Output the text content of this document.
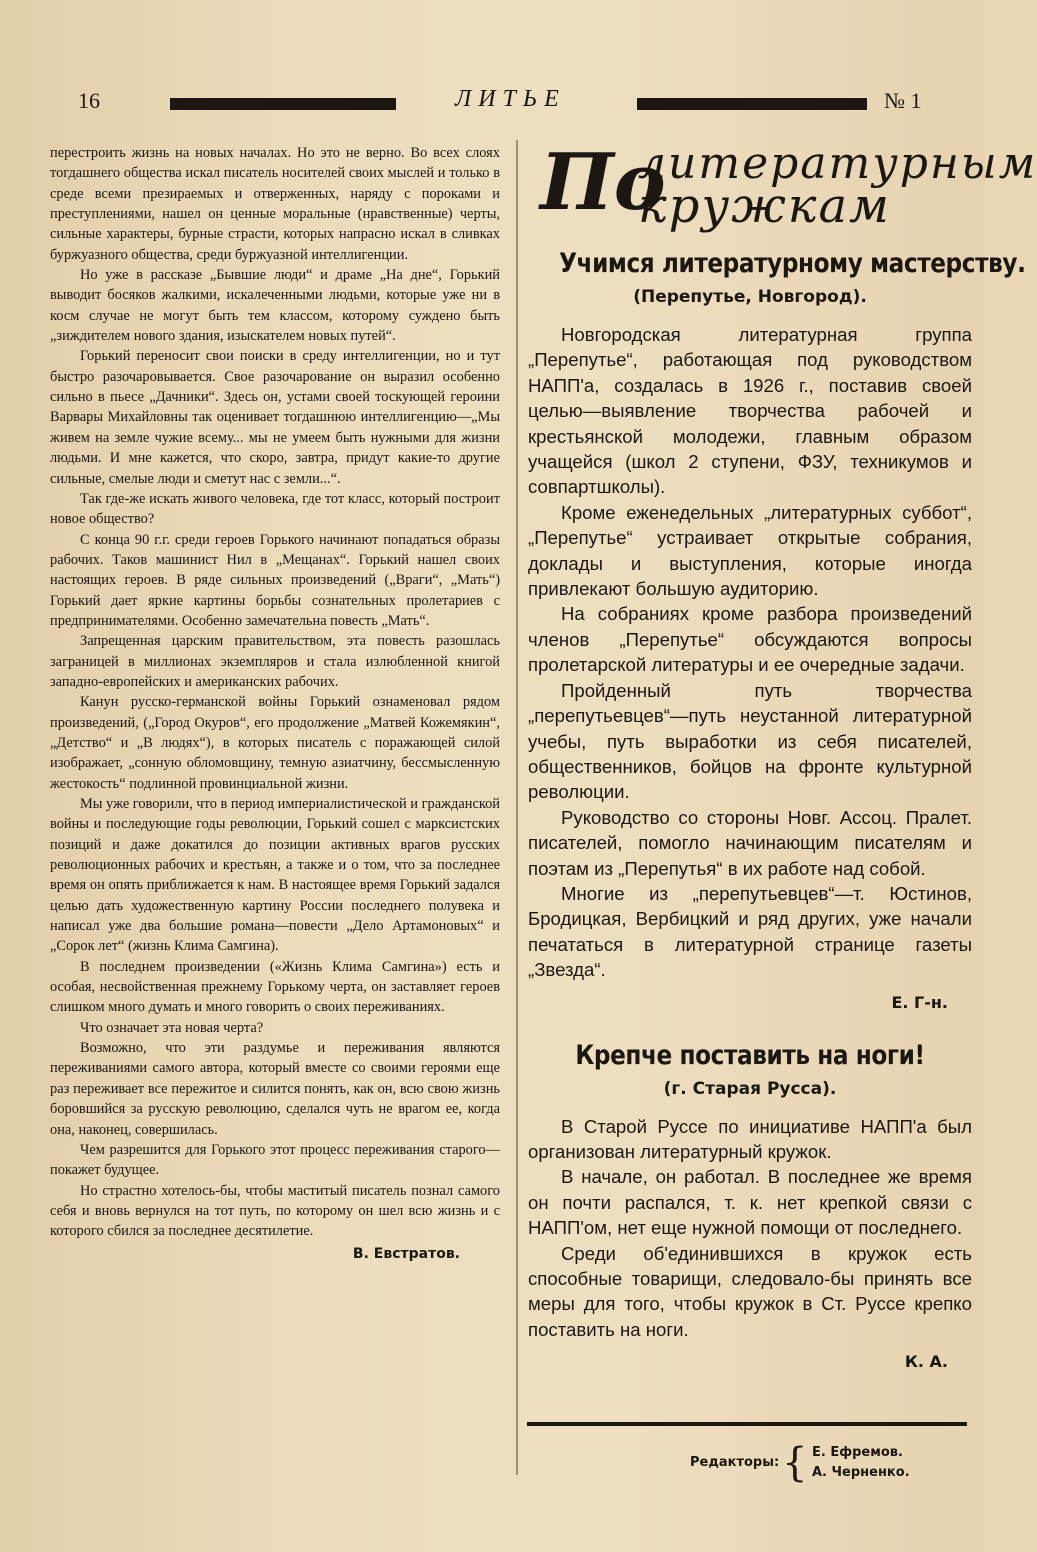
16	ЛИТЬЕ	№ 1

перестроить жизнь на новых началах. Но это не верно. Во всех слоях тогдашнего общества искал писатель носителей своих мыслей и только в среде всеми презираемых и отверженных, наряду с пороками и преступлениями, нашел он ценные моральные (нравственные) черты, сильные характеры, бурные страсти, которых напрасно искал в сливках буржуазного общества, среди буржуазной интеллигенции.

Но уже в рассказе „Бывшие люди“ и драме „На дне“, Горький выводит босяков жалкими, искалеченными людьми, которые уже ни в косм случае не могут быть тем классом, которому суждено быть „зиждителем нового здания, изыскателем новых путей“.

Горький переносит свои поиски в среду интеллигенции, но и тут быстро разочаровывается. Свое разочарование он выразил особенно сильно в пьесе „Дачники“. Здесь он, устами своей тоскующей героини Варвары Михайловны так оценивает тогдашнюю интеллигенцию—„Мы живем на земле чужие всему... мы не умеем быть нужными для жизни людьми. И мне кажется, что скоро, завтра, придут какие-то другие сильные, смелые люди и сметут нас с земли...“.

Так где-же искать живого человека, где тот класс, который построит новое общество?

С конца 90 г.г. среди героев Горького начинают попадаться образы рабочих. Таков машинист Нил в „Мещанах“. Горький нашел своих настоящих героев. В ряде сильных произведений („Враги“, „Мать“) Горький дает яркие картины борьбы сознательных пролетариев с предпринимателями. Особенно замечательна повесть „Мать“.

Запрещенная царским правительством, эта повесть разошлась заграницей в миллионах экземпляров и стала излюбленной книгой западно-европейских и американских рабочих.

Канун русско-германской войны Горький ознаменовал рядом произведений, („Город Окуров“, его продолжение „Матвей Кожемякин“, „Детство“ и „В людях“), в которых писатель с поражающей силой изображает, „сонную обломовщину, темную азиатчину, бессмысленную жестокость“ подлинной провинциальной жизни.

Мы уже говорили, что в период империалистической и гражданской войны и последующие годы революции, Горький сошел с марксистских позиций и даже докатился до позиции активных врагов русских революционных рабочих и крестьян, а также и о том, что за последнее время он опять приближается к нам. В настоящее время Горький задался целью дать художественную картину России последнего полувека и написал уже два большие романа—повести „Дело Артамоновых“ и „Сорок лет“ (жизнь Клима Самгина).

В последнем произведении («Жизнь Клима Самгина») есть и особая, несвойственная прежнему Горькому черта, он заставляет героев слишком много думать и много говорить о своих переживаниях.

Что означает эта новая черта?

Возможно, что эти раздумье и переживания являются переживаниями самого автора, который вместе со своими героями еще раз переживает все пережитое и силится понять, как он, всю свою жизнь боровшийся за русскую революцию, сделался чуть не врагом ее, когда она, наконец, совершилась.

Чем разрешится для Горького этот процесс переживания старого—покажет будущее.

Но страстно хотелось-бы, чтобы маститый писатель познал самого себя и вновь вернулся на тот путь, по которому он шел всю жизнь и с которого сбился за последнее десятилетие.

В. Евстратов.
По
литературным
кружкам
Учимся литературному мастерству.
(Перепутье, Новгород).

Новгородская литературная группа „Перепутье“, работающая под руководством НАПП'а, создалась в 1926 г., поставив своей целью—выявление творчества рабочей и крестьянской молодежи, главным образом учащейся (школ 2 ступени, ФЗУ, техникумов и совпартшколы).

Кроме еженедельных „литературных суббот“, „Перепутье“ устраивает открытые собрания, доклады и выступления, которые иногда привлекают большую аудиторию.

На собраниях кроме разбора произведений членов „Перепутье“ обсуждаются вопросы пролетарской литературы и ее очередные задачи.

Пройденный путь творчества „перепутьевцев“—путь неустанной литературной учебы, путь выработки из себя писателей, общественников, бойцов на фронте культурной революции.

Руководство со стороны Новг. Ассоц. Пралет. писателей, помогло начинающим писателям и поэтам из „Перепутья“ в их работе над собой.

Многие из „перепутьевцев“—т. Юстинов, Бродицкая, Вербицкий и ряд других, уже начали печататься в литературной странице газеты „Звезда“.

Е. Г-н.
Крепче поставить на ноги!
(г. Старая Русса).

В Старой Руссе по инициативе НАПП'а был организован литературный кружок.

В начале, он работал. В последнее же время он почти распался, т. к. нет крепкой связи с НАПП'ом, нет еще нужной помощи от последнего.

Среди об'единившихся в кружок есть способные товарищи, следовало-бы принять все меры для того, чтобы кружок в Ст. Руссе крепко поставить на ноги.

К. А.
Редакторы: { Е. Ефремов.
А. Черненко.
